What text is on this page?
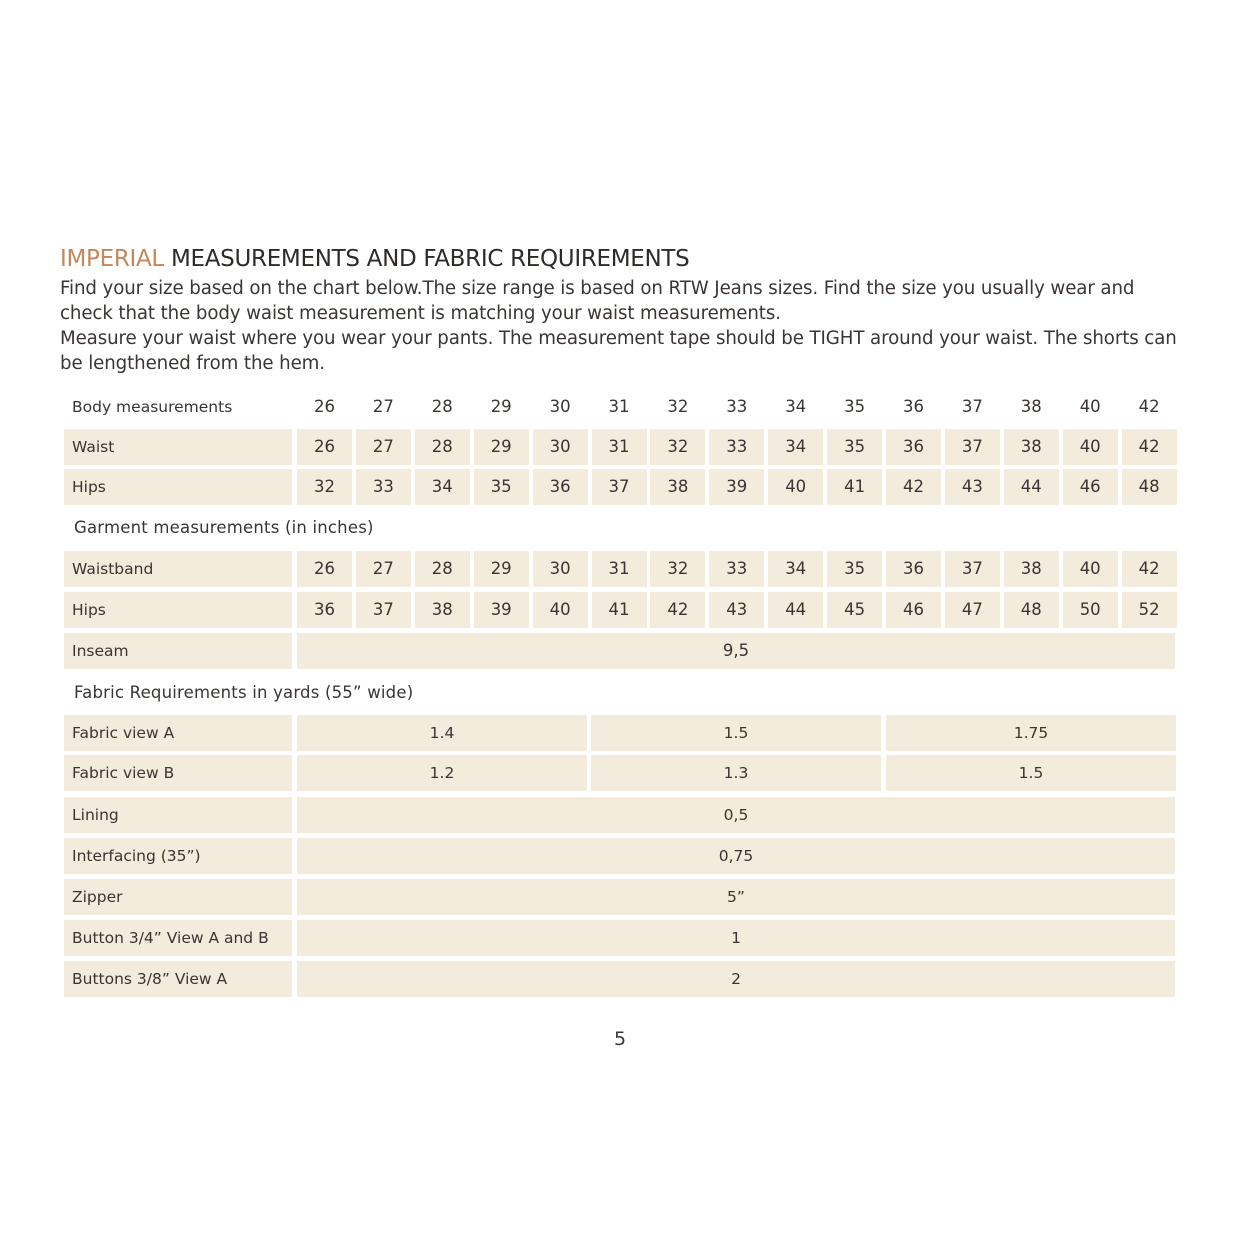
IMPERIAL MEASUREMENTS AND FABRIC REQUIREMENTS

Find your size based on the chart below.The size range is based on RTW Jeans sizes. Find the size you usually wear and check that the body waist measurement is matching your waist measurements.

Measure your waist where you wear your pants. The measurement tape should be TIGHT around your waist. The shorts can be lengthened from the hem.

Body measurements	26	27	28	29	30	31	32	33	34	35	36	37	38	40	42
Waist	26	27	28	29	30	31	32	33	34	35	36	37	38	40	42
Hips	32	33	34	35	36	37	38	39	40	41	42	43	44	46	48
Garment measurements (in inches)
Waistband	26	27	28	29	30	31	32	33	34	35	36	37	38	40	42
Hips	36	37	38	39	40	41	42	43	44	45	46	47	48	50	52
Inseam	9,5
Fabric Requirements in yards (55” wide)
Fabric view A	1.4	1.5	1.75
Fabric view B	1.2	1.3	1.5
Lining	0,5
Interfacing (35”)	0,75
Zipper	5”
Button 3/4” View A and B	1
Buttons 3/8” View A	2
5
